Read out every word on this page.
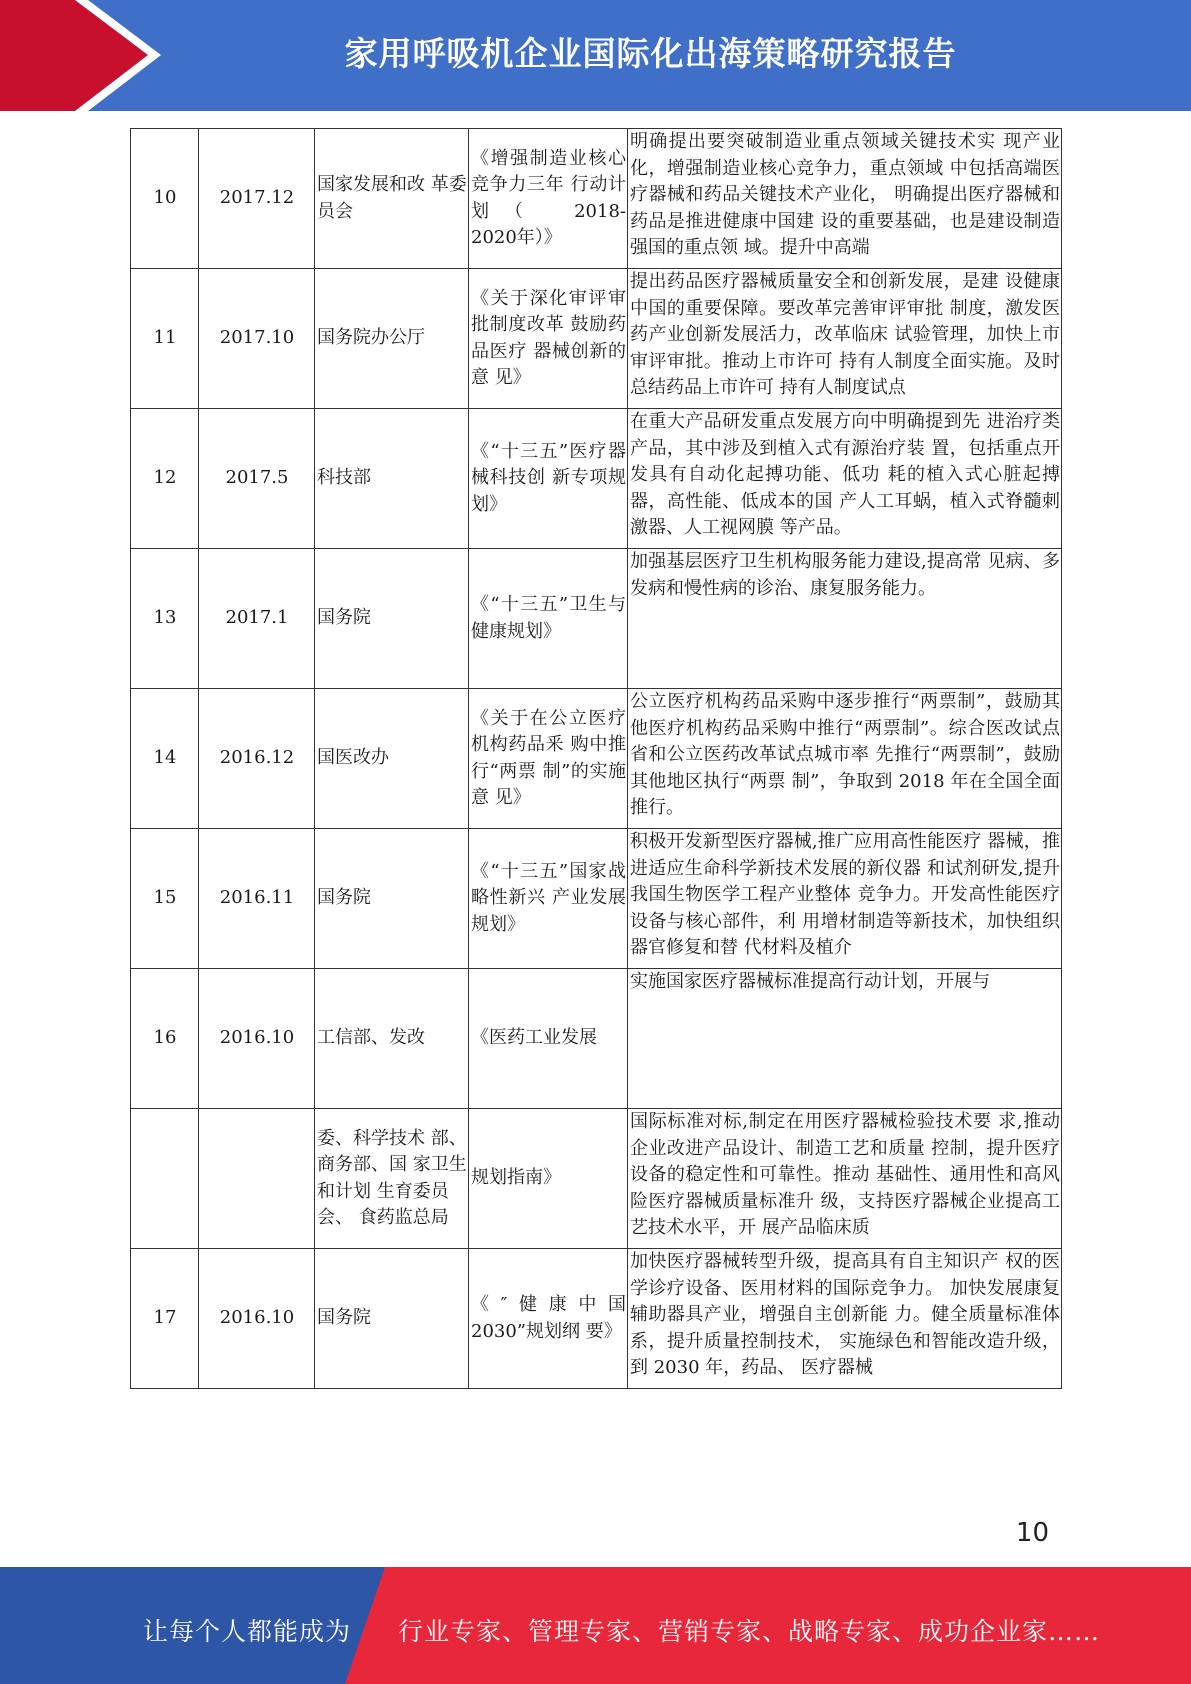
家用呼吸机企业国际化出海策略研究报告
10	2017.12	国家发展和改 革委员会	《增强制造业核心竞争力三年 行动计划 （　　2018-2020年）》	明确提出要突破制造业重点领域关键技术实 现产业化，增强制造业核心竞争力，重点领域 中包括高端医疗器械和药品关键技术产业化， 明确提出医疗器械和药品是推进健康中国建 设的重要基础，也是建设制造强国的重点领 域。提升中高端

11	2017.10	国务院办公厅	《关于深化审评审批制度改革 鼓励药品医疗 器械创新的意 见》	提出药品医疗器械质量安全和创新发展，是建 设健康中国的重要保障。要改革完善审评审批 制度，激发医药产业创新发展活力，改革临床 试验管理，加快上市审评审批。推动上市许可 持有人制度全面实施。及时总结药品上市许可 持有人制度试点

12	2017.5	科技部	《“十三五”医疗器械科技创 新专项规划》	在重大产品研发重点发展方向中明确提到先 进治疗类产品，其中涉及到植入式有源治疗装 置，包括重点开发具有自动化起搏功能、低功 耗的植入式心脏起搏器，高性能、低成本的国 产人工耳蜗，植入式脊髓刺激器、人工视网膜 等产品。

13	2017.1	国务院	《“十三五”卫生与健康规划》	加强基层医疗卫生机构服务能力建设,提高常 见病、多发病和慢性病的诊治、康复服务能力。

14	2016.12	国医改办	《关于在公立医疗机构药品釆 购中推行“两票 制”的实施意 见》	公立医疗机构药品采购中逐步推行“两票制”，鼓励其他医疗机构药品采购中推行“两票制”。综合医改试点省和公立医药改革试点城市率 先推行“两票制”，鼓励其他地区执行“两票 制”，争取到 2018 年在全国全面推行。

15	2016.11	国务院	《“十三五”国家战略性新兴 产业发展规划》	积极开发新型医疗器械,推广应用高性能医疗 器械，推进适应生命科学新技术发展的新仪器 和试剂研发,提升我国生物医学工程产业整体 竞争力。开发高性能医疗设备与核心部件，利 用增材制造等新技术，加快组织器官修复和替 代材料及植介

16	2016.10	工信部、发改	《医药工业发展	实施国家医疗器械标准提高行动计划，开展与

		委、科学技术 部、商务部、国 家卫生和计划 生育委员会、 食药监总局	规划指南》	国际标准对标,制定在用医疗器械检验技术要 求,推动企业改进产品设计、制造工艺和质量 控制，提升医疗设备的稳定性和可靠性。推动 基础性、通用性和高风险医疗器械质量标准升 级，支持医疗器械企业提高工艺技术水平，开 展产品临床质

17	2016.10	国务院	《″健康中国 2030”规划纲 要》	加快医疗器械转型升级，提高具有自主知识产 权的医学诊疗设备、医用材料的国际竞争力。 加快发展康复辅助器具产业，增强自主创新能 力。健全质量标准体系，提升质量控制技术， 实施绿色和智能改造升级，到 2030 年，药品、 医疗器械
10
让每个人都能成为 行业专家、管理专家、营销专家、战略专家、成功企业家……
